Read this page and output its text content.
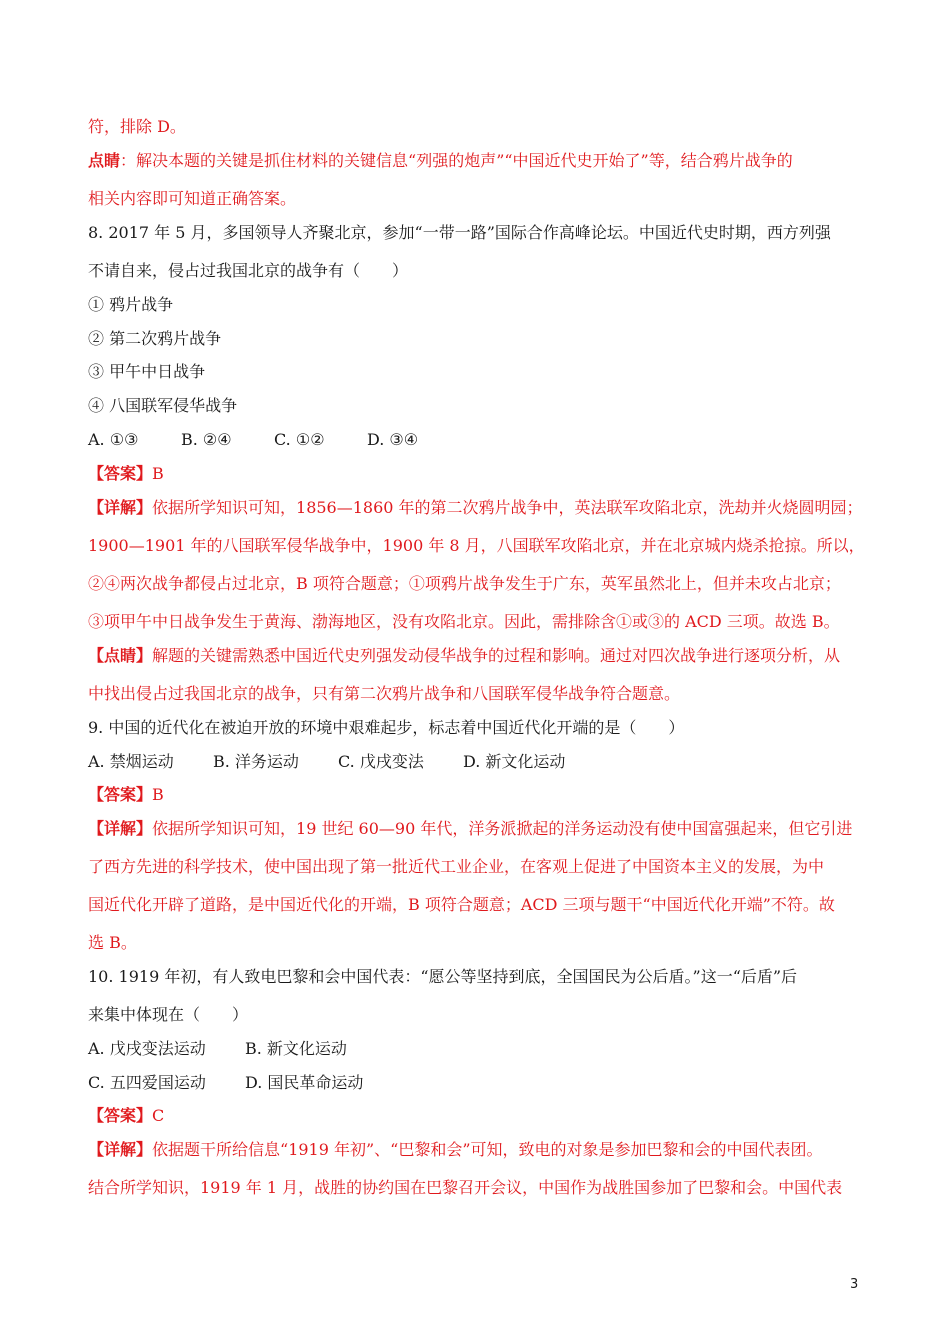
符，排除 D。
点睛：解决本题的关键是抓住材料的关键信息“列强的炮声”“中国近代史开始了”等，结合鸦片战争的
相关内容即可知道正确答案。
8. 2017 年 5 月，多国领导人齐聚北京，参加“一带一路”国际合作高峰论坛。中国近代史时期，西方列强
不请自来，侵占过我国北京的战争有（　　）
① 鸦片战争
② 第二次鸦片战争
③ 甲午中日战争
④ 八国联军侵华战争
A. ①③	B. ②④	C. ①②	D. ③④
【答案】B
【详解】依据所学知识可知，1856—1860 年的第二次鸦片战争中，英法联军攻陷北京，洗劫并火烧圆明园；
1900—1901 年的八国联军侵华战争中，1900 年 8 月，八国联军攻陷北京，并在北京城内烧杀抢掠。所以，
②④两次战争都侵占过北京，B 项符合题意；①项鸦片战争发生于广东，英军虽然北上，但并未攻占北京；
③项甲午中日战争发生于黄海、渤海地区，没有攻陷北京。因此，需排除含①或③的 ACD 三项。故选 B。
【点睛】解题的关键需熟悉中国近代史列强发动侵华战争的过程和影响。通过对四次战争进行逐项分析，从
中找出侵占过我国北京的战争，只有第二次鸦片战争和八国联军侵华战争符合题意。
9. 中国的近代化在被迫开放的环境中艰难起步，标志着中国近代化开端的是（　　）
A. 禁烟运动 B. 洋务运动 C. 戊戌变法 D. 新文化运动
【答案】B
【详解】依据所学知识可知，19 世纪 60—90 年代，洋务派掀起的洋务运动没有使中国富强起来，但它引进
了西方先进的科学技术，使中国出现了第一批近代工业企业，在客观上促进了中国资本主义的发展，为中
国近代化开辟了道路，是中国近代化的开端，B 项符合题意；ACD 三项与题干“中国近代化开端”不符。故
选 B。
10. 1919 年初，有人致电巴黎和会中国代表：“愿公等坚持到底，全国国民为公后盾。”这一“后盾”后
来集中体现在（　　）
A. 戊戌变法运动 B. 新文化运动
C. 五四爱国运动 D. 国民革命运动
【答案】C
【详解】依据题干所给信息“1919 年初”、“巴黎和会”可知，致电的对象是参加巴黎和会的中国代表团。
结合所学知识，1919 年 1 月，战胜的协约国在巴黎召开会议，中国作为战胜国参加了巴黎和会。中国代表
3
